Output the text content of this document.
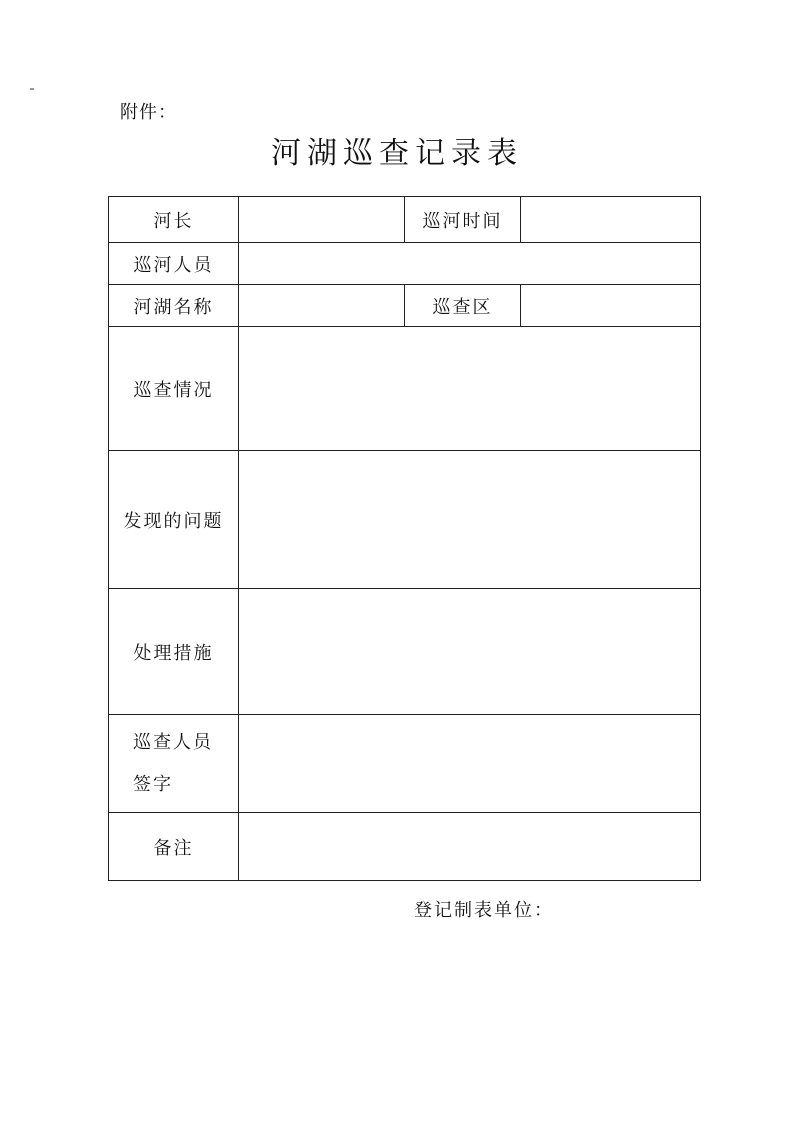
附件：
河湖巡查记录表
河长		巡河时间	
巡河人员			
河湖名称		巡查区	
巡查情况			
发现的问题			
处理措施			

巡查人员
签字			

备注			
登记制表单位：
